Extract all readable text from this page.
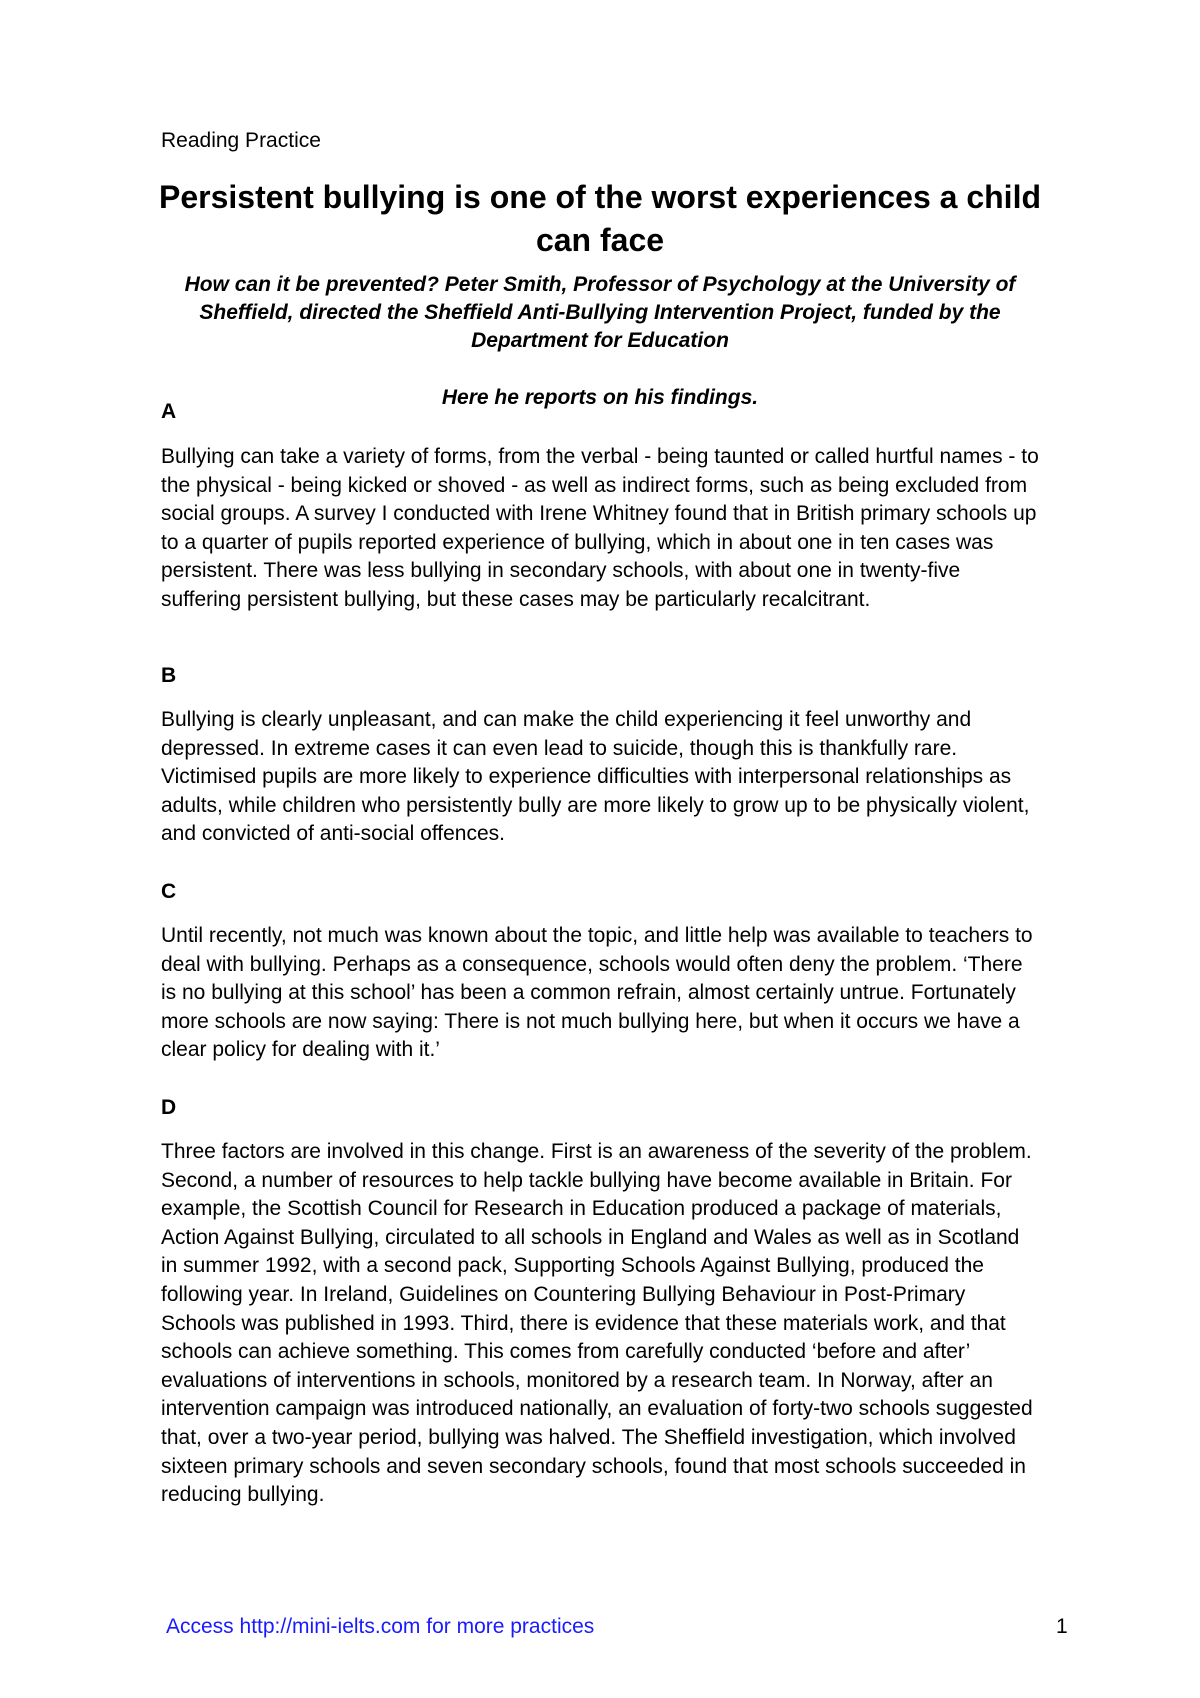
Reading Practice
Persistent bullying is one of the worst experiences a child can face

How can it be prevented? Peter Smith, Professor of Psychology at the University of Sheffield, directed the Sheffield Anti-Bullying Intervention Project, funded by the Department for Education

Here he reports on his findings.

A

Bullying can take a variety of forms, from the verbal - being taunted or called hurtful names - to the physical - being kicked or shoved - as well as indirect forms, such as being excluded from social groups. A survey I conducted with Irene Whitney found that in British primary schools up to a quarter of pupils reported experience of bullying, which in about one in ten cases was persistent. There was less bullying in secondary schools, with about one in twenty-five suffering persistent bullying, but these cases may be particularly recalcitrant.

B

Bullying is clearly unpleasant, and can make the child experiencing it feel unworthy and depressed. In extreme cases it can even lead to suicide, though this is thankfully rare. Victimised pupils are more likely to experience difficulties with interpersonal relationships as adults, while children who persistently bully are more likely to grow up to be physically violent, and convicted of anti-social offences.

C

Until recently, not much was known about the topic, and little help was available to teachers to deal with bullying. Perhaps as a consequence, schools would often deny the problem. ‘There is no bullying at this school’ has been a common refrain, almost certainly untrue. Fortunately more schools are now saying: There is not much bullying here, but when it occurs we have a clear policy for dealing with it.’

D

Three factors are involved in this change. First is an awareness of the severity of the problem. Second, a number of resources to help tackle bullying have become available in Britain. For example, the Scottish Council for Research in Education produced a package of materials, Action Against Bullying, circulated to all schools in England and Wales as well as in Scotland in summer 1992, with a second pack, Supporting Schools Against Bullying, produced the following year. In Ireland, Guidelines on Countering Bullying Behaviour in Post-Primary Schools was published in 1993. Third, there is evidence that these materials work, and that schools can achieve something. This comes from carefully conducted ‘before and after’ evaluations of interventions in schools, monitored by a research team. In Norway, after an intervention campaign was introduced nationally, an evaluation of forty-two schools suggested that, over a two-year period, bullying was halved. The Sheffield investigation, which involved sixteen primary schools and seven secondary schools, found that most schools succeeded in reducing bullying.

Access http://mini-ielts.com for more practices	1
